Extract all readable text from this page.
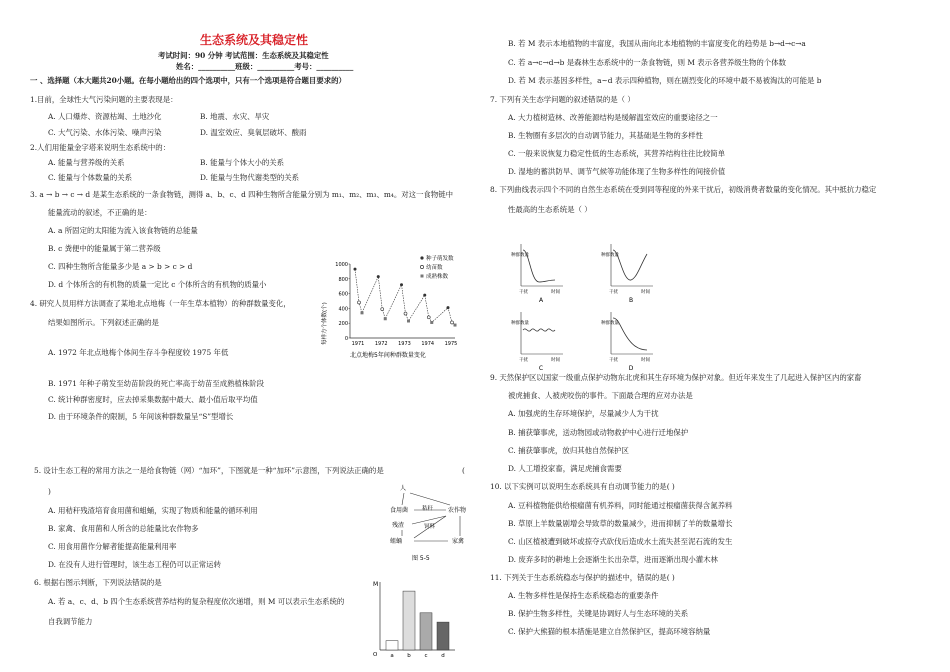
生态系统及其稳定性
考试时间：90 分钟 考试范围：生态系统及其稳定性
姓名：__________班级：__________考号：__________
一 、选择题（本大题共20小题。在每小题给出的四个选项中，只有一个选项是符合题目要求的）
1.目前，全球性大气污染问题的主要表现是：
A. 人口爆炸、资源枯竭、土地沙化	B. 地震、水灾、旱灾
C. 大气污染、水体污染、噪声污染	D. 温室效应、臭氧层破坏、酸雨
2.人们用能量金字塔来说明生态系统中的：
A. 能量与营养级的关系	B. 能量与个体大小的关系
C. 能量与个体数量的关系	D. 能量与生物代谢类型的关系
3. a → b → c → d 是某生态系统的一条食物链，测得 a、b、c、d 四种生物所含能量分别为 m₁、m₂、m₃、m₄。对这一食物链中
能量流动的叙述，不正确的是：
A. a 所固定的太阳能为流入该食物链的总能量
B. c 粪便中的能量属于第二营养级
C. 四种生物所含能量多少是 a > b > c > d
D. d 个体所含的有机物的质量一定比 c 个体所含的有机物的质量小
4. 研究人员用样方法调查了某地北点地梅（一年生草本植物）的种群数量变化，
结果如图所示。下列叙述正确的是
A. 1972 年北点地梅个体间生存斗争程度较 1975 年低
B. 1971 年种子萌发至幼苗阶段的死亡率高于幼苗至成熟植株阶段
C. 统计种群密度时，应去掉采集数据中最大、最小值后取平均值
D. 由于环境条件的限制，5 年间该种群数量呈“S”型增长
5. 设计生态工程的常用方法之一是给食物链（网）“加环”，下图就是一种“加环”示意图，下列说法正确的是	(
)
A. 用秸秆残渣培育食用菌和蛆蛹，实现了物质和能量的循环利用
B. 家禽、食用菌和人所含的总能量比农作物多
C. 用食用菌作分解者能提高能量利用率
D. 在没有人进行管理时，该生态工程仍可以正常运转
6. 根据右图示判断，下列说法错误的是
A. 若 a、c、d、b 四个生态系统营养结构的复杂程度依次递增，则 M 可以表示生态系统的
自我调节能力
1000
800
600
400
200
0
1971 1972 1973 1974 1975
北点地梅5年间种群数量变化
每样方个体数(个)
种子萌发数
幼苗数
成熟株数
人
食用菌
残渣
蛆蛹
农作物
家禽
秸秆
饲料
图 5-5
M
O a b c d
B. 若 M 表示本地植物的丰富度，我国从南向北本地植物的丰富度变化的趋势是 b→d→c→a
C. 若 a→c→d→b 是森林生态系统中的一条食物链，则 M 表示各营养级生物的个体数
D. 若 M 表示基因多样性，a~d 表示四种植物，则在剧烈变化的环境中最不易被淘汰的可能是 b
7. 下列有关生态学问题的叙述错误的是（ ）
A. 大力植树造林、改善能源结构是缓解温室效应的重要途径之一
B. 生物圈有多层次的自动调节能力，其基础是生物的多样性
C. 一般来说恢复力稳定性低的生态系统，其营养结构往往比较简单
D. 湿地的蓄洪防旱、调节气候等功能体现了生物多样性的间接价值
8. 下列曲线表示四个不同的自然生态系统在受到同等程度的外来干扰后，初级消费者数量的变化情况。其中抵抗力稳定
性最高的生态系统是（ ）
9. 天然保护区以国家一级重点保护动物东北虎和其生存环境为保护对象。但近年来发生了几起进入保护区内的家畜
被虎捕食、人被虎咬伤的事件。下面最合理的应对办法是
A. 加强虎的生存环境保护，尽量减少人为干扰
B. 捕获肇事虎，送动物园或动物救护中心进行迁地保护
C. 捕获肇事虎，放归其他自然保护区
D. 人工增投家畜，满足虎捕食需要
10. 以下实例可以说明生态系统具有自动调节能力的是( )
A. 豆科植物能供给根瘤菌有机养料，同时能通过根瘤菌获得含氮养料
B. 草原上羊数量剧增会导致草的数量减少，进而抑制了羊的数量增长
C. 山区植被遭到破坏或掠夺式砍伐后造成水土流失甚至泥石流的发生
D. 废弃多时的耕地上会逐渐生长出杂草，进而逐渐出现小灌木林
11. 下列关于生态系统稳态与保护的描述中，错误的是( )
A. 生物多样性是保持生态系统稳态的重要条件
B. 保护生物多样性，关键是协调好人与生态环境的关系
C. 保护大熊猫的根本措施是建立自然保护区，提高环境容纳量
种群数量
干扰	时间
A
种群数量
干扰	时间
B
种群数量
干扰	时间
C
种群数量
干扰	时间
D
